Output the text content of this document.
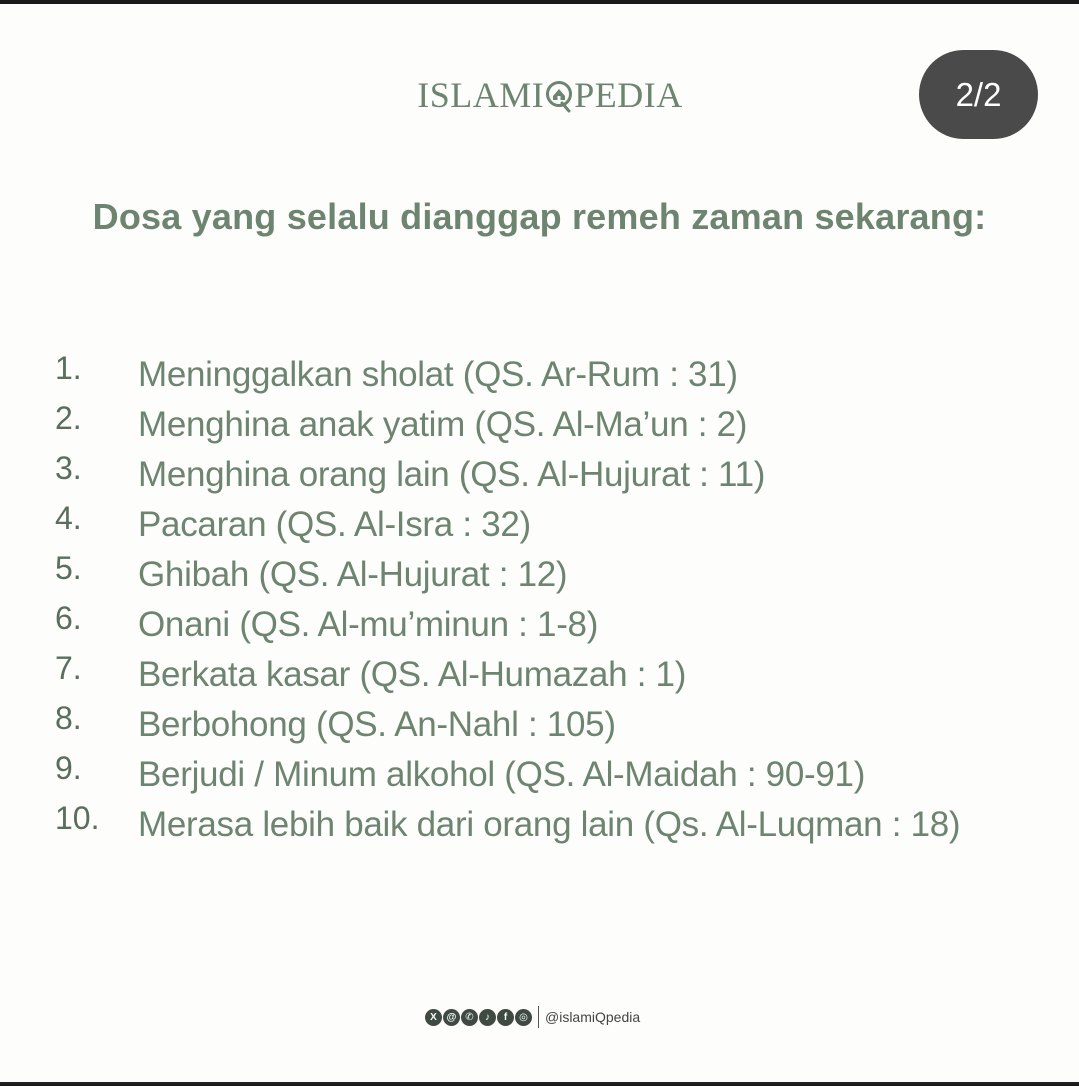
ISLAMI PEDIA	2/2
Dosa yang selalu dianggap remeh zaman sekarang:
1.	Meninggalkan sholat (QS. Ar-Rum : 31)
2.	Menghina anak yatim (QS. Al-Ma’un : 2)
3.	Menghina orang lain (QS. Al-Hujurat : 11)
4.	Pacaran (QS. Al-Isra : 32)
5.	Ghibah (QS. Al-Hujurat : 12)
6.	Onani (QS. Al-mu’minun : 1-8)
7.	Berkata kasar (QS. Al-Humazah : 1)
8.	Berbohong (QS. An-Nahl : 105)
9.	Berjudi / Minum alkohol (QS. Al-Maidah : 90-91)
10.	Merasa lebih baik dari orang lain (Qs. Al-Luqman : 18)
X @ ✆	♪	f	◎ @islamiQpedia
